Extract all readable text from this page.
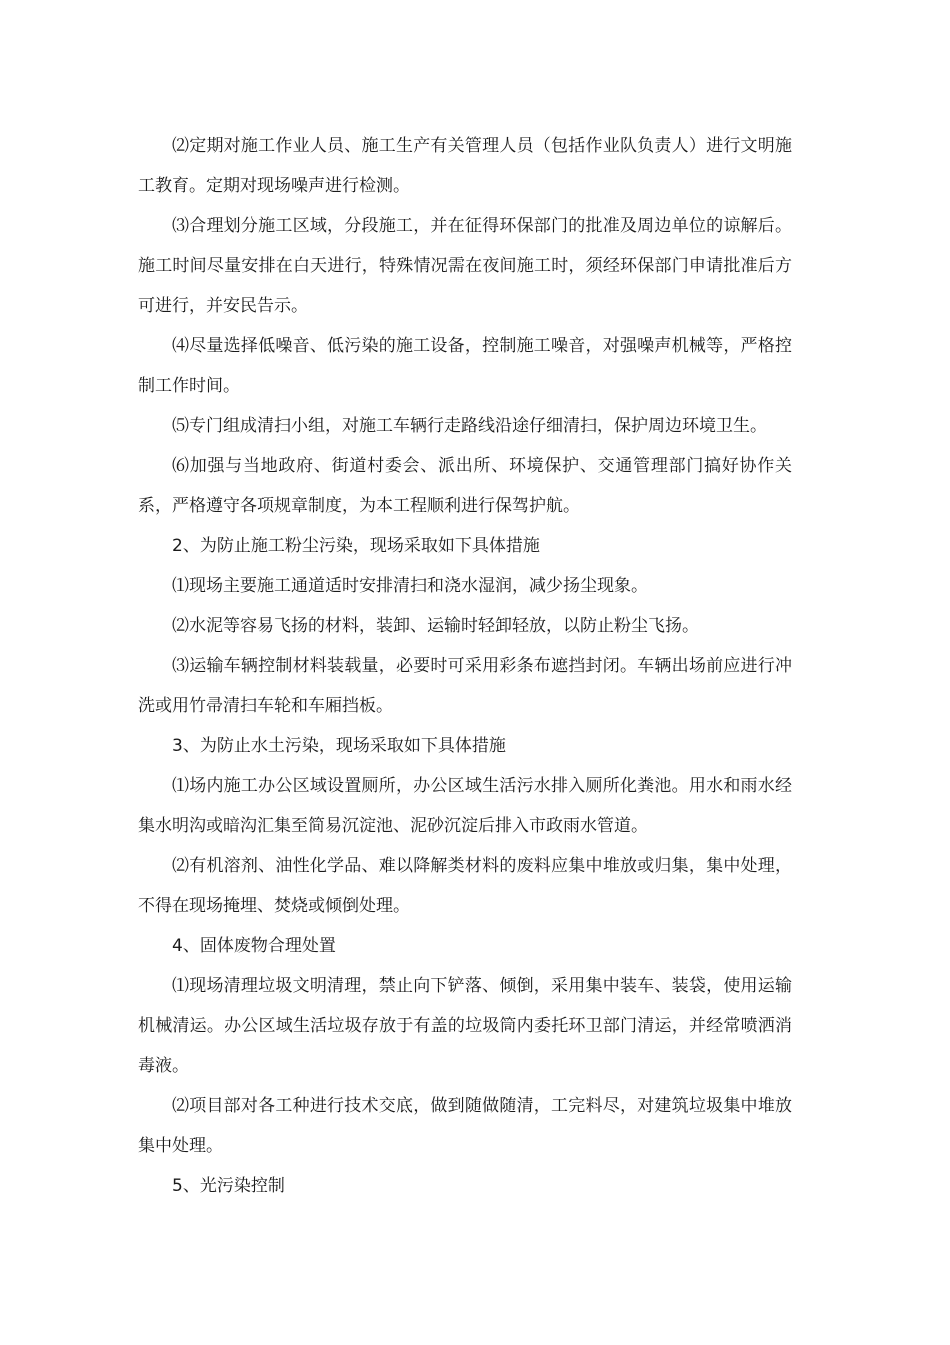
⑵定期对施工作业人员、施工生产有关管理人员（包括作业队负责人）进行文明施工教育。定期对现场噪声进行检测。

⑶合理划分施工区域，分段施工，并在征得环保部门的批准及周边单位的谅解后。施工时间尽量安排在白天进行，特殊情况需在夜间施工时，须经环保部门申请批准后方可进行，并安民告示。

⑷尽量选择低噪音、低污染的施工设备，控制施工噪音，对强噪声机械等，严格控制工作时间。

⑸专门组成清扫小组，对施工车辆行走路线沿途仔细清扫，保护周边环境卫生。

⑹加强与当地政府、街道村委会、派出所、环境保护、交通管理部门搞好协作关系，严格遵守各项规章制度，为本工程顺利进行保驾护航。

2、为防止施工粉尘污染，现场采取如下具体措施

⑴现场主要施工通道适时安排清扫和浇水湿润，减少扬尘现象。

⑵水泥等容易飞扬的材料，装卸、运输时轻卸轻放，以防止粉尘飞扬。

⑶运输车辆控制材料装载量，必要时可采用彩条布遮挡封闭。车辆出场前应进行冲洗或用竹帚清扫车轮和车厢挡板。

3、为防止水土污染，现场采取如下具体措施

⑴场内施工办公区域设置厕所，办公区域生活污水排入厕所化粪池。用水和雨水经集水明沟或暗沟汇集至简易沉淀池、泥砂沉淀后排入市政雨水管道。

⑵有机溶剂、油性化学品、难以降解类材料的废料应集中堆放或归集，集中处理，不得在现场掩埋、焚烧或倾倒处理。

4、固体废物合理处置

⑴现场清理垃圾文明清理，禁止向下铲落、倾倒，采用集中装车、装袋，使用运输机械清运。办公区域生活垃圾存放于有盖的垃圾筒内委托环卫部门清运，并经常喷洒消毒液。

⑵项目部对各工种进行技术交底，做到随做随清，工完料尽，对建筑垃圾集中堆放集中处理。

5、光污染控制
